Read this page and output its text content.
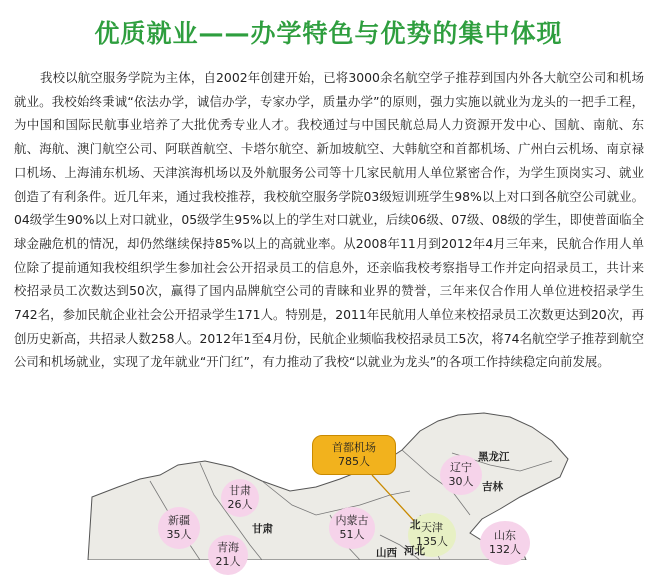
优质就业——办学特色与优势的集中体现

我校以航空服务学院为主体，自2002年创建开始，已将3000余名航空学子推荐到国内外各大航空公司和机场就业。我校始终秉诚“依法办学，诚信办学，专家办学，质量办学”的原则，强力实施以就业为龙头的一把手工程，为中国和国际民航事业培养了大批优秀专业人才。我校通过与中国民航总局人力资源开发中心、国航、南航、东航、海航、澳门航空公司、阿联酋航空、卡塔尔航空、新加坡航空、大韩航空和首都机场、广州白云机场、南京禄口机场、上海浦东机场、天津滨海机场以及外航服务公司等十几家民航用人单位紧密合作，为学生顶岗实习、就业创造了有利条件。近几年来，通过我校推荐，我校航空服务学院03级短训班学生98%以上对口到各航空公司就业。04级学生90%以上对口就业，05级学生95%以上的学生对口就业，后续06级、07级、08级的学生，即使普面临全球金融危机的情况，却仍然继续保持85%以上的高就业率。从2008年11月到2012年4月三年来，民航合作用人单位除了提前通知我校组织学生参加社会公开招录员工的信息外，还亲临我校考察指导工作并定向招录员工，共计来校招录员工次数达到50次，赢得了国内品牌航空公司的青睐和业界的赞誉，三年来仅合作用人单位进校招录学生742名，参加民航企业社会公开招录学生171人。特别是，2011年民航用人单位来校招录员工次数更达到20次，再创历史新高，共招录人数258人。2012年1至4月份，民航企业频临我校招录员工5次，将74名航空学子推荐到航空公司和机场就业，实现了龙年就业“开门红”，有力推动了我校“以就业为龙头”的各项工作持续稳定向前发展。

首都机场
785人
甘肃
26人
新疆
35人
青海
21人
内蒙古
51人
辽宁
30人
天津
135人	山东
132人
黑龙江
吉林
甘肃
河北
山西
北
